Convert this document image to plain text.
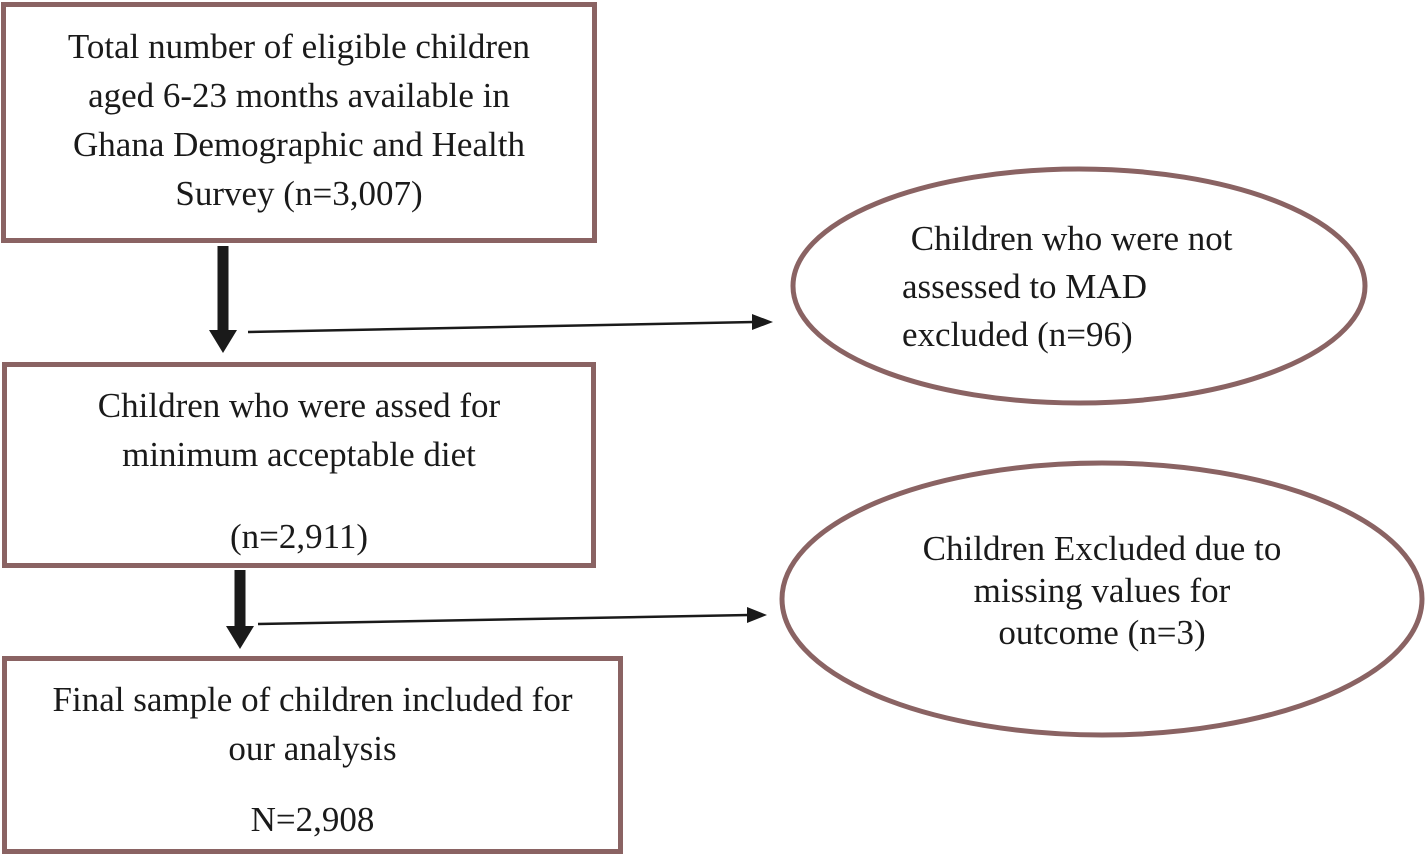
Total number of eligible children
aged 6-23 months available in
Ghana Demographic and Health
Survey (n=3,007)
Children who were assed for
minimum acceptable diet
(n=2,911)
Final sample of children included for
our analysis
N=2,908
Children who were not
assessed to MAD
excluded (n=96)
Children Excluded due to
missing values for
outcome (n=3)
